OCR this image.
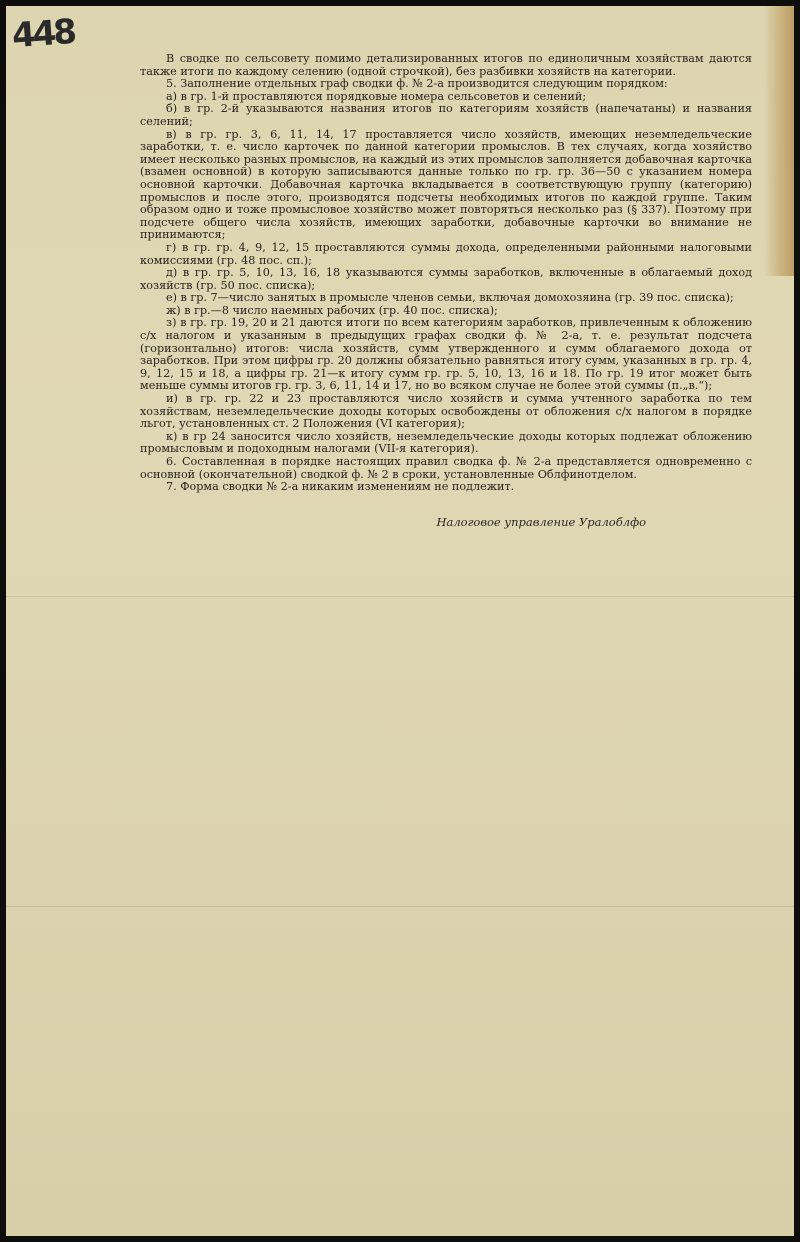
448

В сводке по сельсовету помимо детализированных итогов по единоличным хозяйствам даются также итоги по каждому селению (одной строчкой), без разбивки хозяйств на категории.

5. Заполнение отдельных граф сводки ф. № 2-а производится следующим порядком:

а) в гр. 1-й проставляются порядковые номера сельсоветов и селений;

б) в гр. 2-й указываются названия итогов по категориям хозяйств (напечатаны) и названия селений;

в) в гр. гр. 3, 6, 11, 14, 17 проставляется число хозяйств, имеющих неземледельческие заработки, т. е. число карточек по данной категории промыслов. В тех случаях, когда хозяйство имеет несколько разных промыслов, на каждый из этих промыслов заполняется добавочная карточка (взамен основной) в которую записываются данные только по гр. гр. 36—50 с указанием номера основной карточки. Добавочная карточка вкладывается в соответствующую группу (категорию) промыслов и после этого, производятся подсчеты необходимых итогов по каждой группе. Таким образом одно и тоже промысловое хозяйство может повторяться несколько раз (§ 337). Поэтому при подсчете общего числа хозяйств, имеющих заработки, добавочные карточки во внимание не принимаются;

г) в гр. гр. 4, 9, 12, 15 проставляются суммы дохода, определенными районными налоговыми комиссиями (гр. 48 пос. сп.);

д) в гр. гр. 5, 10, 13, 16, 18 указываются суммы заработков, включенные в облагаемый доход хозяйств (гр. 50 пос. списка);

е) в гр. 7—число занятых в промысле членов семьи, включая домохозяина (гр. 39 пос. списка);

ж) в гр.—8 число наемных рабочих (гр. 40 пос. списка);

з) в гр. гр. 19, 20 и 21 даются итоги по всем категориям заработков, привлеченным к обложению с/х налогом и указанным в предыдущих графах сводки ф. № 2-а, т. е. результат подсчета (горизонтально) итогов: числа хозяйств, сумм утвержденного и сумм облагаемого дохода от заработков. При этом цифры гр. 20 должны обязательно равняться итогу сумм, указанных в гр. гр. 4, 9, 12, 15 и 18, а цифры гр. 21—к итогу сумм гр. гр. 5, 10, 13, 16 и 18. По гр. 19 итог может быть меньше суммы итогов гр. гр. 3, 6, 11, 14 и 17, но во всяком случае не более этой суммы (п.„в.“);

и) в гр. гр. 22 и 23 проставляются число хозяйств и сумма учтенного заработка по тем хозяйствам, неземледельческие доходы которых освобождены от обложения с/х налогом в порядке льгот, установленных ст. 2 Положения (VI категория);

к) в гр 24 заносится число хозяйств, неземледельческие доходы которых подлежат обложению промысловым и подоходным налогами (VII-я категория).

6. Составленная в порядке настоящих правил сводка ф. № 2-а представляется одновременно с основной (окончательной) сводкой ф. № 2 в сроки, установленные Облфинотделом.

7. Форма сводки № 2-а никаким изменениям не подлежит.

Налоговое управление Уралоблфо
